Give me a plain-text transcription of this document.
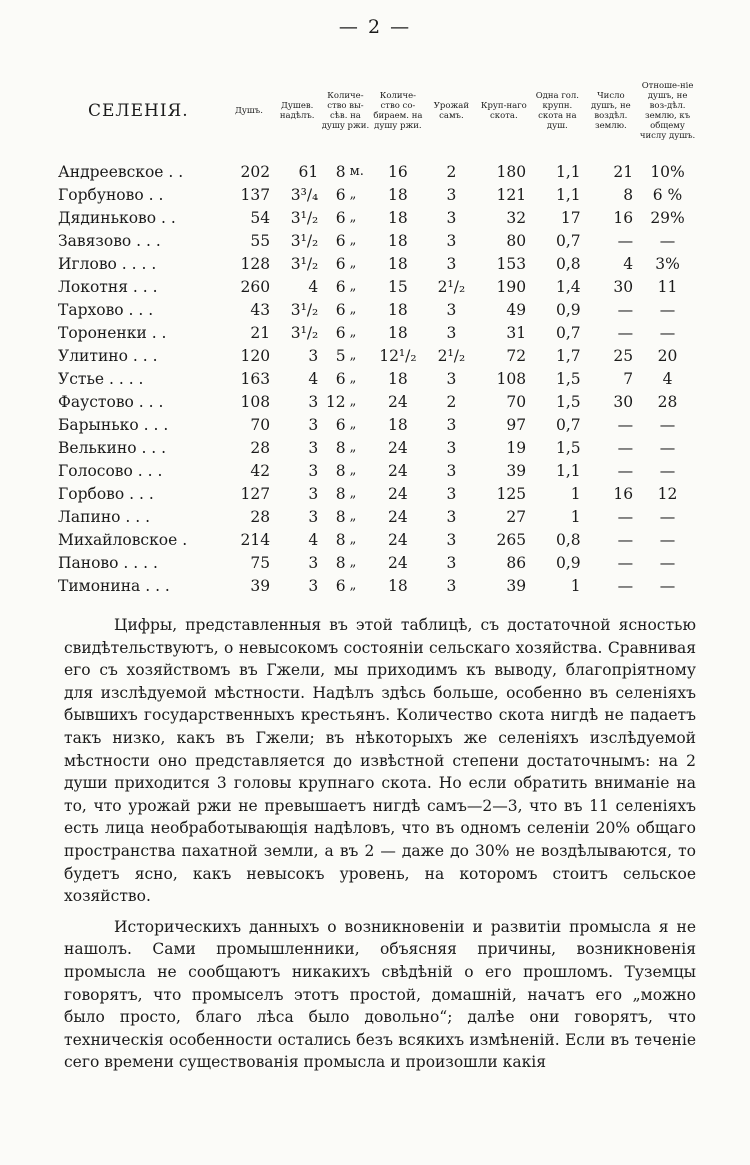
— 2 —
СЕЛЕНІЯ.	Душъ.	Душев. надѣлъ.	Количе-ство вы-сѣв. на душу ржи.		Количе-ство со-бираем. на душу ржи.	Урожай самъ.	Круп-наго скота.	Одна гол. крупн. скота на душ.	Число душъ, не воздѣл. землю.	Отноше-ніе душъ, не воз-дѣл. землю, къ общему числу душъ.
Андреевское . .	202	61	8	м.	16	2	180	1,1	21	10%
Горбуново . .	137	3³/₄	6	„	18	3	121	1,1	8	6 %
Дядиньково . .	54	3¹/₂	6	„	18	3	32	17	16	29%
Завязово . . .	55	3¹/₂	6	„	18	3	80	0,7	—	—
Иглово . . . .	128	3¹/₂	6	„	18	3	153	0,8	4	3%
Локотня . . .	260	4	6	„	15	2¹/₂	190	1,4	30	11
Тархово . . .	43	3¹/₂	6	„	18	3	49	0,9	—	—
Тороненки . .	21	3¹/₂	6	„	18	3	31	0,7	—	—
Улитино . . .	120	3	5	„	12¹/₂	2¹/₂	72	1,7	25	20
Устье . . . .	163	4	6	„	18	3	108	1,5	7	4
Фаустово . . .	108	3	12	„	24	2	70	1,5	30	28
Барынько . . .	70	3	6	„	18	3	97	0,7	—	—
Велькино . . .	28	3	8	„	24	3	19	1,5	—	—
Голосово . . .	42	3	8	„	24	3	39	1,1	—	—
Горбово . . .	127	3	8	„	24	3	125	1	16	12
Лапино . . .	28	3	8	„	24	3	27	1	—	—
Михайловское .	214	4	8	„	24	3	265	0,8	—	—
Паново . . . .	75	3	8	„	24	3	86	0,9	—	—
Тимонина . . .	39	3	6	„	18	3	39	1	—	—

Цифры, представленныя въ этой таблицѣ, съ достаточной ясностью свидѣтельствуютъ, о невысокомъ состояніи сельскаго хозяйства. Сравнивая его съ хозяйствомъ въ Гжели, мы приходимъ къ выводу, благопріятному для изслѣдуемой мѣстности. Надѣлъ здѣсь больше, особенно въ селеніяхъ бывшихъ государственныхъ крестьянъ. Количество скота нигдѣ не падаетъ такъ низко, какъ въ Гжели; въ нѣкоторыхъ же селеніяхъ изслѣдуемой мѣстности оно представляется до извѣстной степени достаточнымъ: на 2 души приходится 3 головы крупнаго скота. Но если обратить вниманіе на то, что урожай ржи не превышаетъ нигдѣ самъ—2—3, что въ 11 селеніяхъ есть лица необработывающія надѣловъ, что въ одномъ селеніи 20% общаго пространства пахатной земли, а въ 2 — даже до 30% не воздѣлываются, то будетъ ясно, какъ невысокъ уровень, на которомъ стоитъ сельское хозяйство.

Историческихъ данныхъ о возникновеніи и развитіи промысла я не нашолъ. Сами промышленники, объясняя причины, возникновенія промысла не сообщаютъ никакихъ свѣдѣній о его прошломъ. Туземцы говорятъ, что промыселъ этотъ простой, домашній, начатъ его „можно было просто, благо лѣса было довольно“; далѣе они говорятъ, что техническія особенности остались безъ всякихъ измѣненій. Если въ теченіе сего времени существованія промысла и произошли какія
